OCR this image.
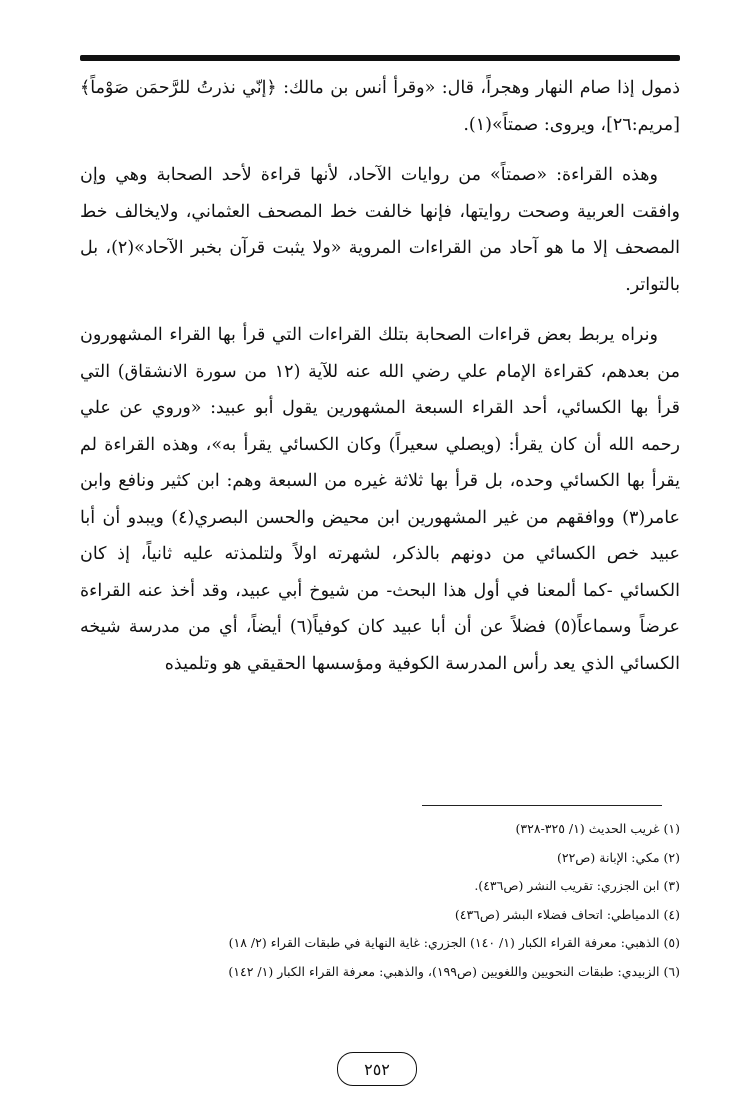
ذمول إذا صام النهار وهجراً، قال: «وقرأ أنس بن مالك: ﴿إنّي نذرتُ للرَّحمَن صَوْماً﴾ [مريم:٢٦]، ويروى: صمتاً»(١).

وهذه القراءة: «صمتاً» من روايات الآحاد، لأنها قراءة لأحد الصحابة وهي وإن وافقت العربية وصحت روايتها، فإنها خالفت خط المصحف العثماني، ولايخالف خط المصحف إلا ما هو آحاد من القراءات المروية «ولا يثبت قرآن بخبر الآحاد»(٢)، بل بالتواتر.

ونراه يربط بعض قراءات الصحابة بتلك القراءات التي قرأ بها القراء المشهورون من بعدهم، كقراءة الإمام علي رضي الله عنه للآية (١٢ من سورة الانشقاق) التي قرأ بها الكسائي، أحد القراء السبعة المشهورين يقول أبو عبيد: «وروي عن علي رحمه الله أن كان يقرأ: (ويصلي سعيراً) وكان الكسائي يقرأ به»، وهذه القراءة لم يقرأ بها الكسائي وحده، بل قرأ بها ثلاثة غيره من السبعة وهم: ابن كثير ونافع وابن عامر(٣) ووافقهم من غير المشهورين ابن محيض والحسن البصري(٤) ويبدو أن أبا عبيد خص الكسائي من دونهم بالذكر، لشهرته اولاً ولتلمذته عليه ثانياً، إذ كان الكسائي -كما ألمعنا في أول هذا البحث- من شيوخ أبي عبيد، وقد أخذ عنه القراءة عرضاً وسماعاً(٥) فضلاً عن أن أبا عبيد كان كوفياً(٦) أيضاً، أي من مدرسة شيخه الكسائي الذي يعد رأس المدرسة الكوفية ومؤسسها الحقيقي هو وتلميذه

(١) غريب الحديث (١/ ٣٢٥-٣٢٨)
(٢) مكي: الإبانة (ص٢٢)
(٣) ابن الجزري: تقريب النشر (ص٤٣٦).
(٤) الدمياطي: اتحاف فضلاء البشر (ص٤٣٦)
(٥) الذهبي: معرفة القراء الكبار (١/ ١٤٠) الجزري: غاية النهاية في طبقات القراء (٢/ ١٨)
(٦) الزبيدي: طبقات النحويين واللغويين (ص١٩٩)، والذهبي: معرفة القراء الكبار (١/ ١٤٢)
٢٥٢
